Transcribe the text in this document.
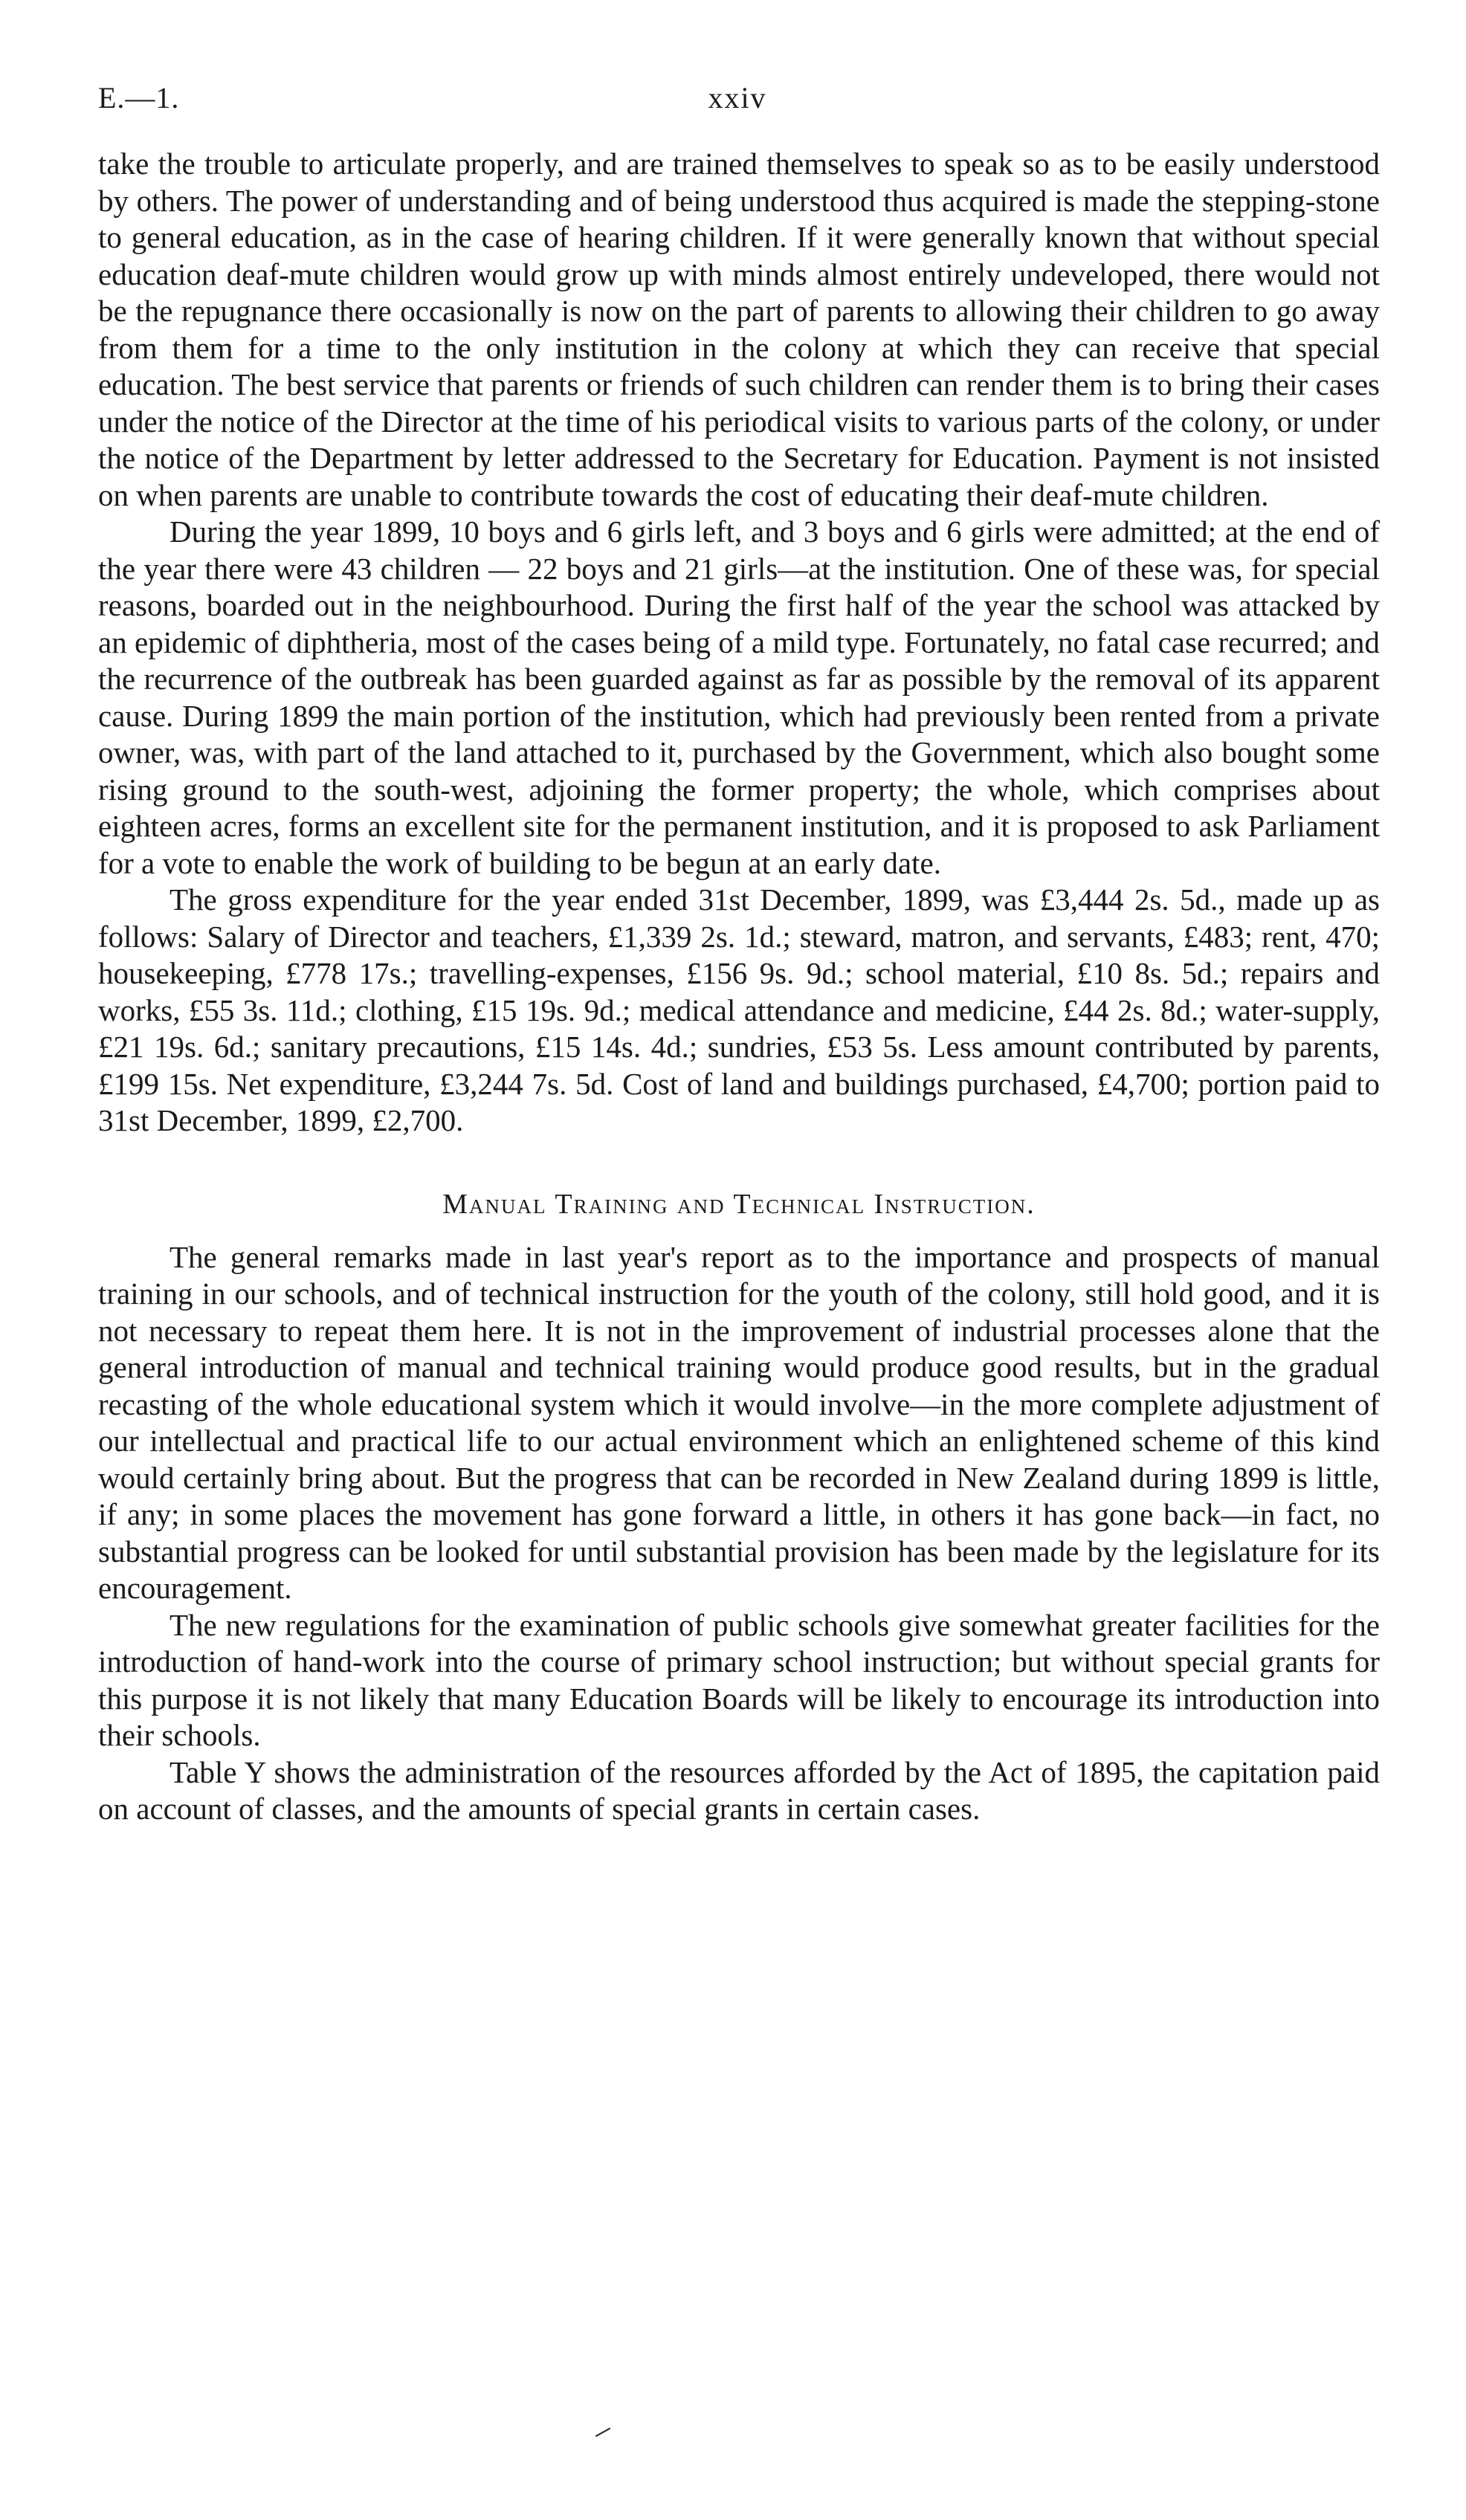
E.—1.	xxiv

take the trouble to articulate properly, and are trained themselves to speak so as to be easily understood by others. The power of understanding and of being understood thus acquired is made the stepping-stone to general education, as in the case of hearing children. If it were generally known that without special education deaf-mute children would grow up with minds almost entirely undeveloped, there would not be the repugnance there occasionally is now on the part of parents to allowing their children to go away from them for a time to the only institution in the colony at which they can receive that special education. The best service that parents or friends of such children can render them is to bring their cases under the notice of the Director at the time of his periodical visits to various parts of the colony, or under the notice of the Department by letter addressed to the Secretary for Education. Payment is not insisted on when parents are unable to contribute towards the cost of educating their deaf-mute children.

During the year 1899, 10 boys and 6 girls left, and 3 boys and 6 girls were admitted; at the end of the year there were 43 children — 22 boys and 21 girls—at the institution. One of these was, for special reasons, boarded out in the neighbourhood. During the first half of the year the school was attacked by an epidemic of diphtheria, most of the cases being of a mild type. Fortunately, no fatal case recurred; and the recurrence of the outbreak has been guarded against as far as possible by the removal of its apparent cause. During 1899 the main portion of the institution, which had previously been rented from a private owner, was, with part of the land attached to it, purchased by the Government, which also bought some rising ground to the south-west, adjoining the former property; the whole, which comprises about eighteen acres, forms an excellent site for the permanent institution, and it is proposed to ask Parliament for a vote to enable the work of building to be begun at an early date.

The gross expenditure for the year ended 31st December, 1899, was £3,444 2s. 5d., made up as follows: Salary of Director and teachers, £1,339 2s. 1d.; steward, matron, and servants, £483; rent, 470; housekeeping, £778 17s.; travelling-expenses, £156 9s. 9d.; school material, £10 8s. 5d.; repairs and works, £55 3s. 11d.; clothing, £15 19s. 9d.; medical attendance and medicine, £44 2s. 8d.; water-supply, £21 19s. 6d.; sanitary precautions, £15 14s. 4d.; sundries, £53 5s. Less amount contributed by parents, £199 15s. Net expenditure, £3,244 7s. 5d. Cost of land and buildings purchased, £4,700; portion paid to 31st December, 1899, £2,700.

Manual Training and Technical Instruction.

The general remarks made in last year's report as to the importance and prospects of manual training in our schools, and of technical instruction for the youth of the colony, still hold good, and it is not necessary to repeat them here. It is not in the improvement of industrial processes alone that the general introduction of manual and technical training would produce good results, but in the gradual recasting of the whole educational system which it would involve—in the more complete adjustment of our intellectual and practical life to our actual environment which an enlightened scheme of this kind would certainly bring about. But the progress that can be recorded in New Zealand during 1899 is little, if any; in some places the movement has gone forward a little, in others it has gone back—in fact, no substantial progress can be looked for until substantial provision has been made by the legislature for its encouragement.

The new regulations for the examination of public schools give somewhat greater facilities for the introduction of hand-work into the course of primary school instruction; but without special grants for this purpose it is not likely that many Education Boards will be likely to encourage its introduction into their schools.

Table Y shows the administration of the resources afforded by the Act of 1895, the capitation paid on account of classes, and the amounts of special grants in certain cases.
